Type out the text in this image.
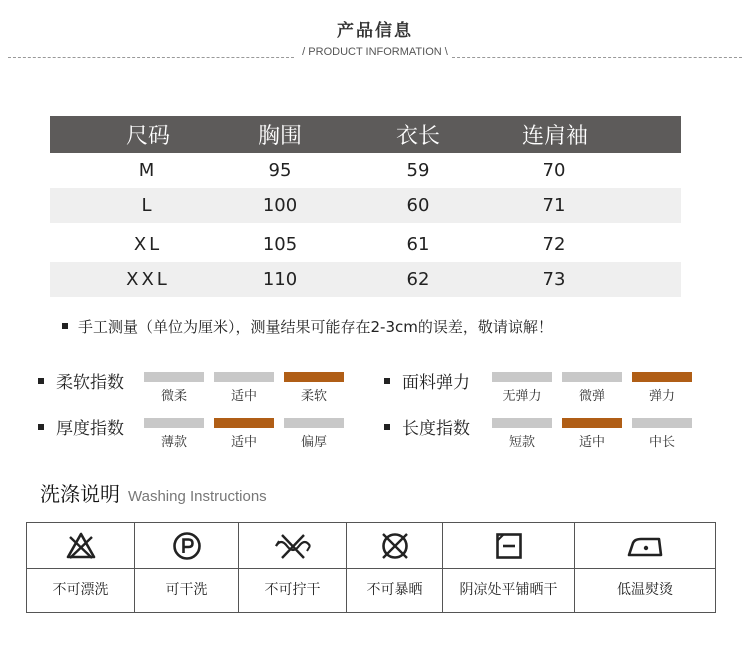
产品信息
/ PRODUCT INFORMATION \
尺码	胸围	衣长	连肩袖
M	95	59	70
L	100	60	71
XL	105	61	72
XXL	110	62	73
手工测量（单位为厘米），测量结果可能存在2-3cm的误差，敬请谅解！
柔软指数
微柔	适中	柔软
面料弹力
无弹力	微弹	弹力
厚度指数
薄款	适中	偏厚
长度指数
短款	适中	中长
洗涤说明 Washing Instructions
不可漂洗	可干洗	不可拧干	不可暴晒	阴凉处平铺晒干	低温熨烫
